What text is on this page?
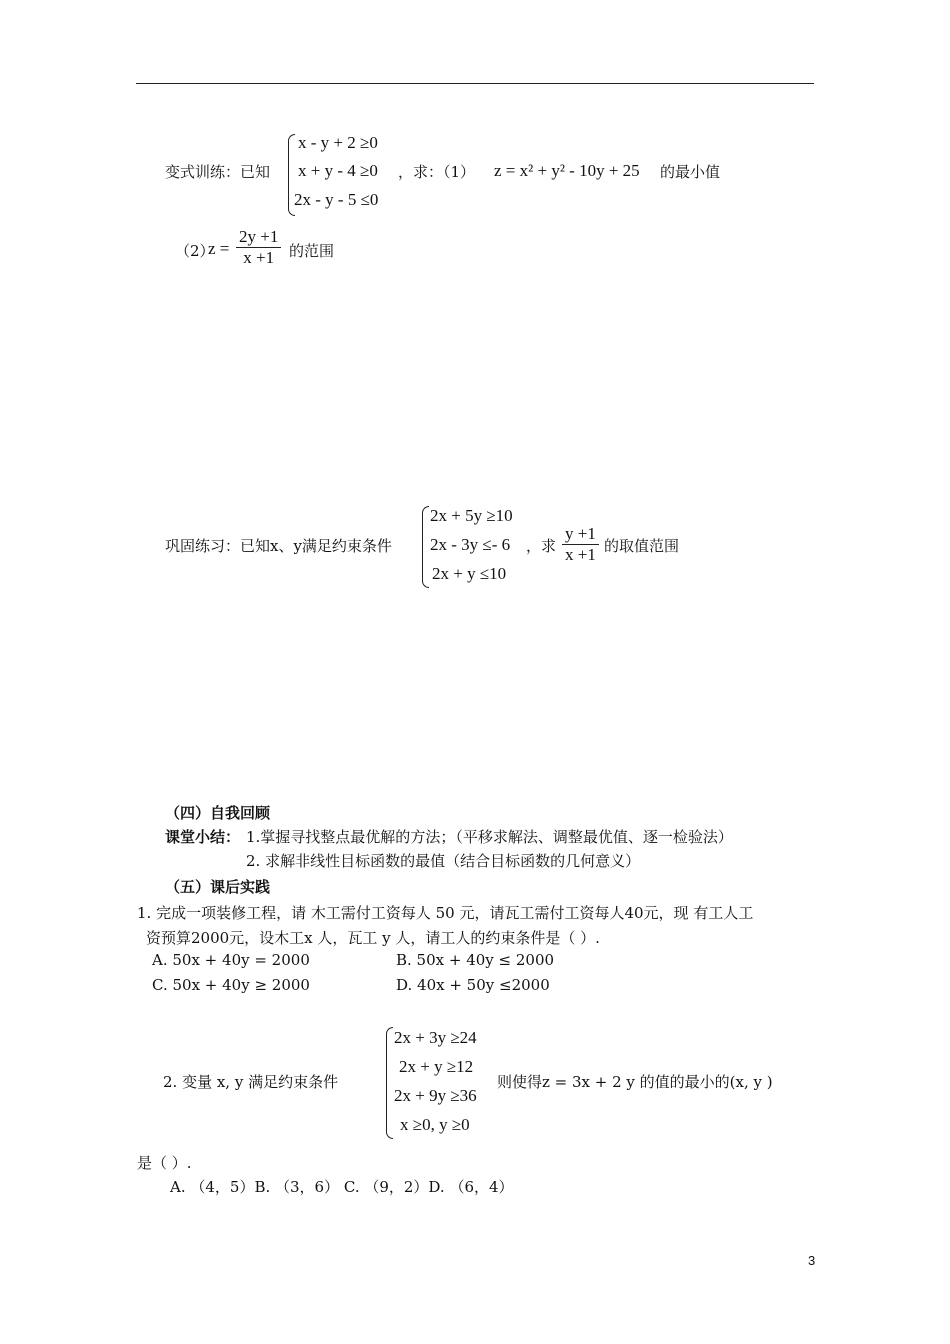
变式训练：已知
x - y + 2 ≥0
x + y - 4 ≥0
2x - y - 5 ≤0
，求：（1） z = x² + y² - 10y + 25 的最小值
（2）
$z = \frac{2y +1}{x +1}$ 的范围
巩固练习：已知x、y满足约束条件
2x + 5y ≥10
2x - 3y ≤- 6
2x + y ≤10
，求 $\frac{y +1}{x +1}$ 的取值范围
（四）自我回顾
课堂小结： 1.掌握寻找整点最优解的方法；（平移求解法、调整最优值、逐一检验法）
2. 求解非线性目标函数的最值（结合目标函数的几何意义）
（五）课后实践
1. 完成一项装修工程，请 木工需付工资每人 50 元，请瓦工需付工资每人40元，现 有工人工
资预算2000元，设木工x 人，瓦工 y 人，请工人的约束条件是（ ）.
A. 50x + 40y = 2000	B. 50x + 40y ≤ 2000
C. 50x + 40y ≥ 2000	D. 40x + 50y ≤2000
2. 变量 x, y 满足约束条件
2x + 3y ≥24
2x + y ≥12
2x + 9y ≥36
x ≥0, y ≥0
则使得z = 3x + 2 y 的值的最小的(x, y )
是（ ）.
A. （4，5）B. （3，6） C. （9，2）D. （6，4）
3
